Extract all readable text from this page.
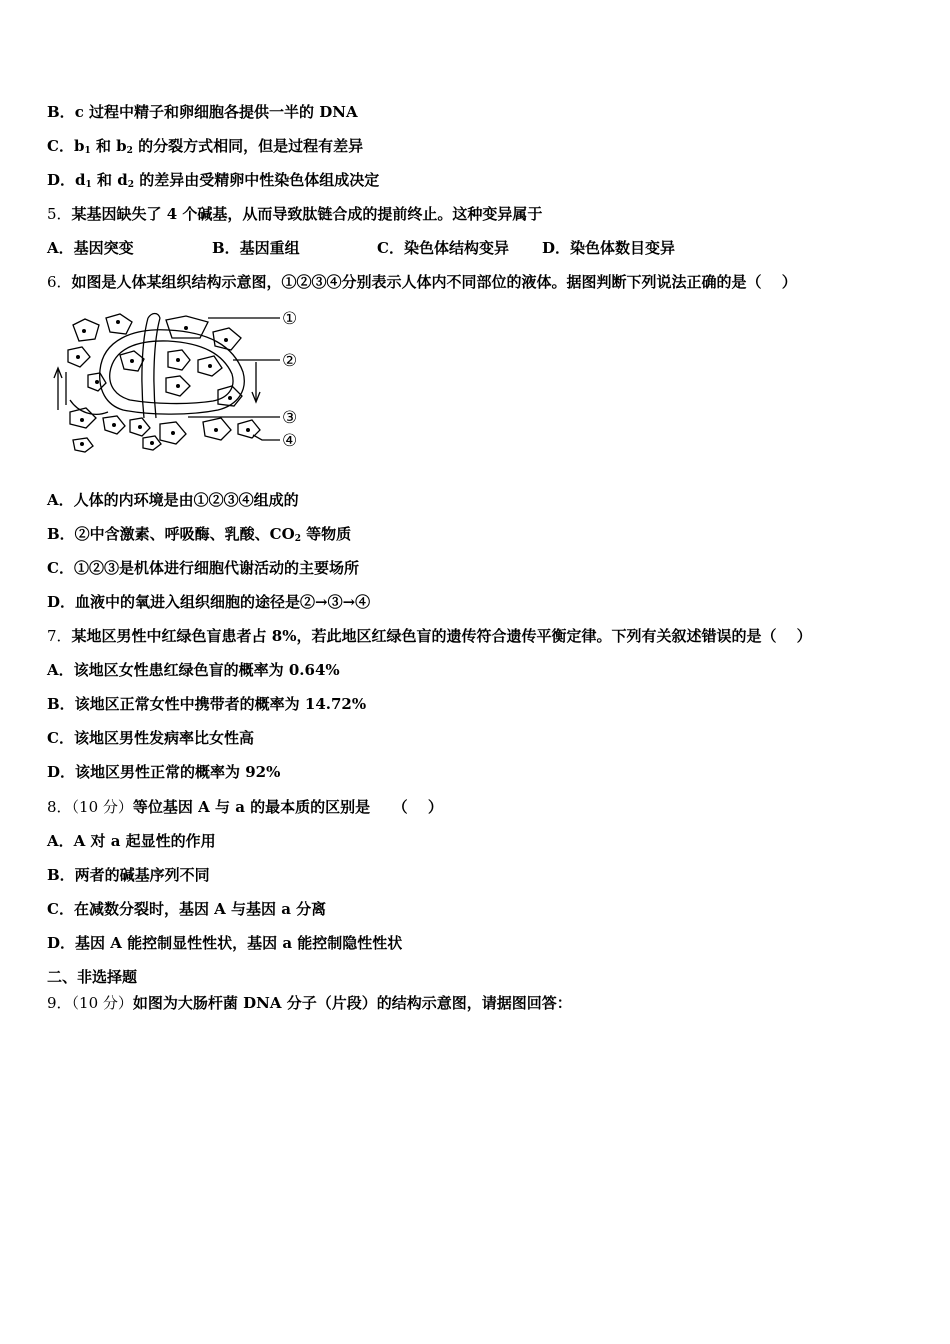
B．c 过程中精子和卵细胞各提供一半的 DNA
C．$b_1$ 和 $b_2$ 的分裂方式相同，但是过程有差异
D．$d_1$ 和 $d_2$ 的差异由受精卵中性染色体组成决定
5．某基因缺失了 4 个碱基，从而导致肽链合成的提前终止。这种变异属于
A．基因突变	B．基因重组	C．染色体结构变异 D．染色体数目变异
6．如图是人体某组织结构示意图，①②③④分别表示人体内不同部位的液体。据图判断下列说法正确的是（　 ）
①
②
③
④
A．人体的内环境是由①②③④组成的
B．②中含激素、呼吸酶、乳酸、$CO_2$ 等物质
C．①②③是机体进行细胞代谢活动的主要场所
D．血液中的氧进入组织细胞的途径是②→③→④
7．某地区男性中红绿色盲患者占 8%，若此地区红绿色盲的遗传符合遗传平衡定律。下列有关叙述错误的是（　 ）
A．该地区女性患红绿色盲的概率为 0.64%
B．该地区正常女性中携带者的概率为 14.72%
C．该地区男性发病率比女性高
D．该地区男性正常的概率为 92%
8．（10 分）等位基因 A 与 a 的最本质的区别是　　（　 ）
A．A 对 a 起显性的作用
B．两者的碱基序列不同
C．在减数分裂时，基因 A 与基因 a 分离
D．基因 A 能控制显性性状，基因 a 能控制隐性性状
二、非选择题
9．（10 分）如图为大肠杆菌 DNA 分子（片段）的结构示意图，请据图回答：
